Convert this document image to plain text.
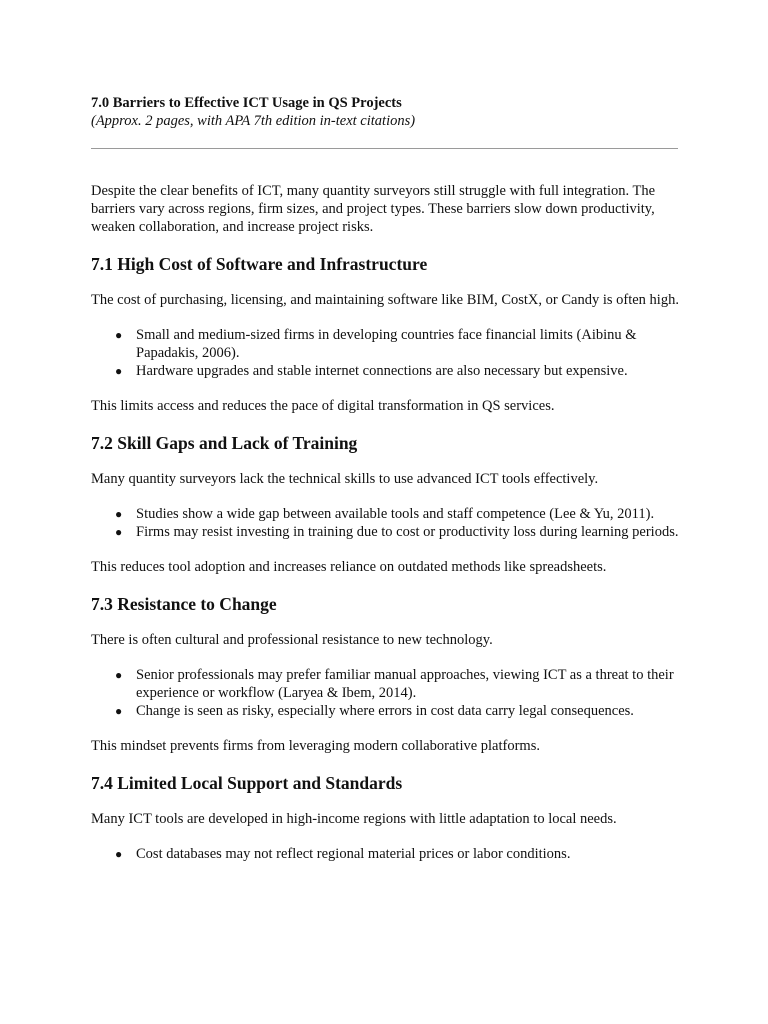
7.0 Barriers to Effective ICT Usage in QS Projects

(Approx. 2 pages, with APA 7th edition in-text citations)

Despite the clear benefits of ICT, many quantity surveyors still struggle with full integration. The barriers vary across regions, firm sizes, and project types. These barriers slow down productivity, weaken collaboration, and increase project risks.

7.1 High Cost of Software and Infrastructure

The cost of purchasing, licensing, and maintaining software like BIM, CostX, or Candy is often high.

● Small and medium-sized firms in developing countries face financial limits (Aibinu & Papadakis, 2006).
● Hardware upgrades and stable internet connections are also necessary but expensive.

This limits access and reduces the pace of digital transformation in QS services.

7.2 Skill Gaps and Lack of Training

Many quantity surveyors lack the technical skills to use advanced ICT tools effectively.

● Studies show a wide gap between available tools and staff competence (Lee & Yu, 2011).
● Firms may resist investing in training due to cost or productivity loss during learning periods.

This reduces tool adoption and increases reliance on outdated methods like spreadsheets.

7.3 Resistance to Change

There is often cultural and professional resistance to new technology.

● Senior professionals may prefer familiar manual approaches, viewing ICT as a threat to their experience or workflow (Laryea & Ibem, 2014).
● Change is seen as risky, especially where errors in cost data carry legal consequences.

This mindset prevents firms from leveraging modern collaborative platforms.

7.4 Limited Local Support and Standards

Many ICT tools are developed in high-income regions with little adaptation to local needs.

● Cost databases may not reflect regional material prices or labor conditions.
